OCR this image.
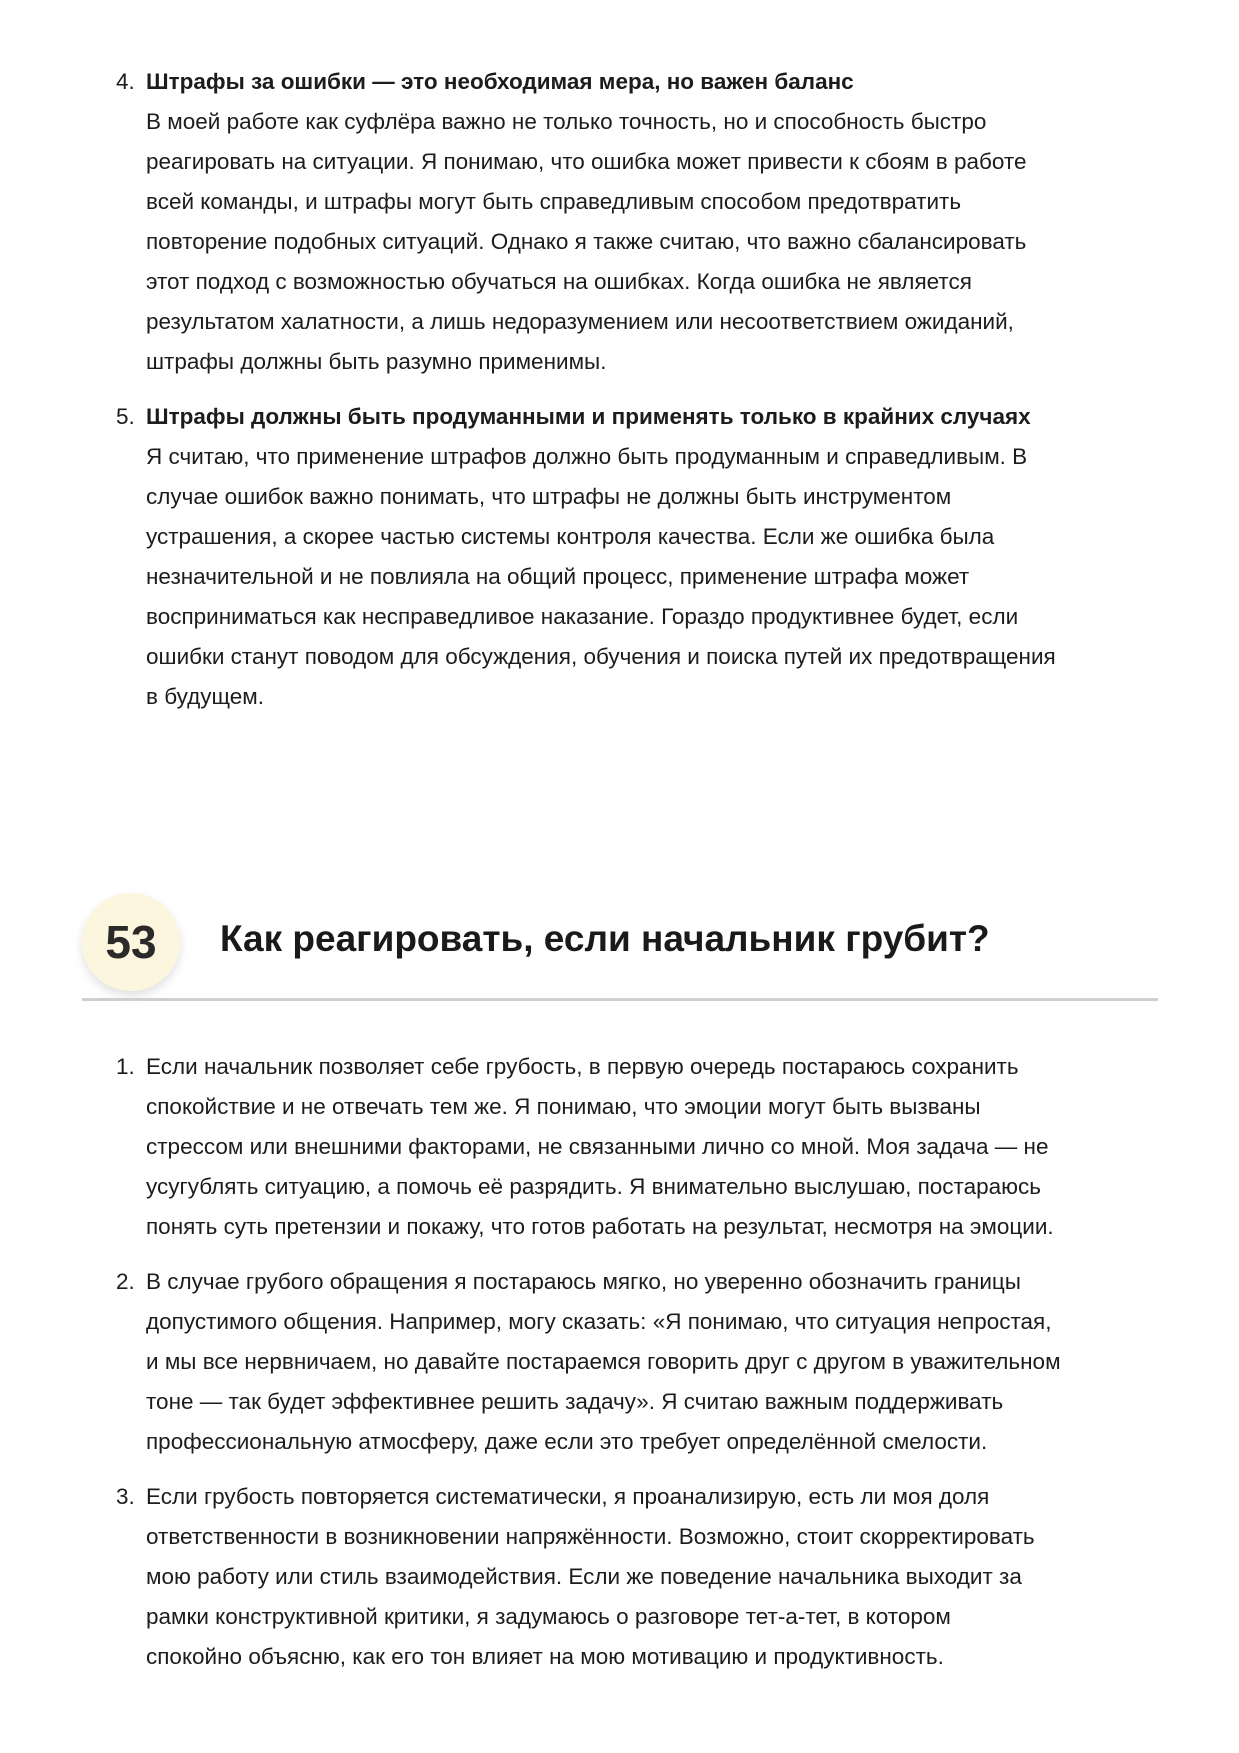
4. Штрафы за ошибки — это необходимая мера, но важен баланс
В моей работе как суфлёра важно не только точность, но и способность быстро
реагировать на ситуации. Я понимаю, что ошибка может привести к сбоям в работе
всей команды, и штрафы могут быть справедливым способом предотвратить
повторение подобных ситуаций. Однако я также считаю, что важно сбалансировать
этот подход с возможностью обучаться на ошибках. Когда ошибка не является
результатом халатности, а лишь недоразумением или несоответствием ожиданий,
штрафы должны быть разумно применимы.
5. Штрафы должны быть продуманными и применять только в крайних случаях
Я считаю, что применение штрафов должно быть продуманным и справедливым. В
случае ошибок важно понимать, что штрафы не должны быть инструментом
устрашения, а скорее частью системы контроля качества. Если же ошибка была
незначительной и не повлияла на общий процесс, применение штрафа может
восприниматься как несправедливое наказание. Гораздо продуктивнее будет, если
ошибки станут поводом для обсуждения, обучения и поиска путей их предотвращения
в будущем.
53	Как реагировать, если начальник грубит?
1. Если начальник позволяет себе грубость, в первую очередь постараюсь сохранить
спокойствие и не отвечать тем же. Я понимаю, что эмоции могут быть вызваны
стрессом или внешними факторами, не связанными лично со мной. Моя задача — не
усугублять ситуацию, а помочь её разрядить. Я внимательно выслушаю, постараюсь
понять суть претензии и покажу, что готов работать на результат, несмотря на эмоции.
2. В случае грубого обращения я постараюсь мягко, но уверенно обозначить границы
допустимого общения. Например, могу сказать: «Я понимаю, что ситуация непростая,
и мы все нервничаем, но давайте постараемся говорить друг с другом в уважительном
тоне — так будет эффективнее решить задачу». Я считаю важным поддерживать
профессиональную атмосферу, даже если это требует определённой смелости.
3. Если грубость повторяется систематически, я проанализирую, есть ли моя доля
ответственности в возникновении напряжённости. Возможно, стоит скорректировать
мою работу или стиль взаимодействия. Если же поведение начальника выходит за
рамки конструктивной критики, я задумаюсь о разговоре тет-а-тет, в котором
спокойно объясню, как его тон влияет на мою мотивацию и продуктивность.
